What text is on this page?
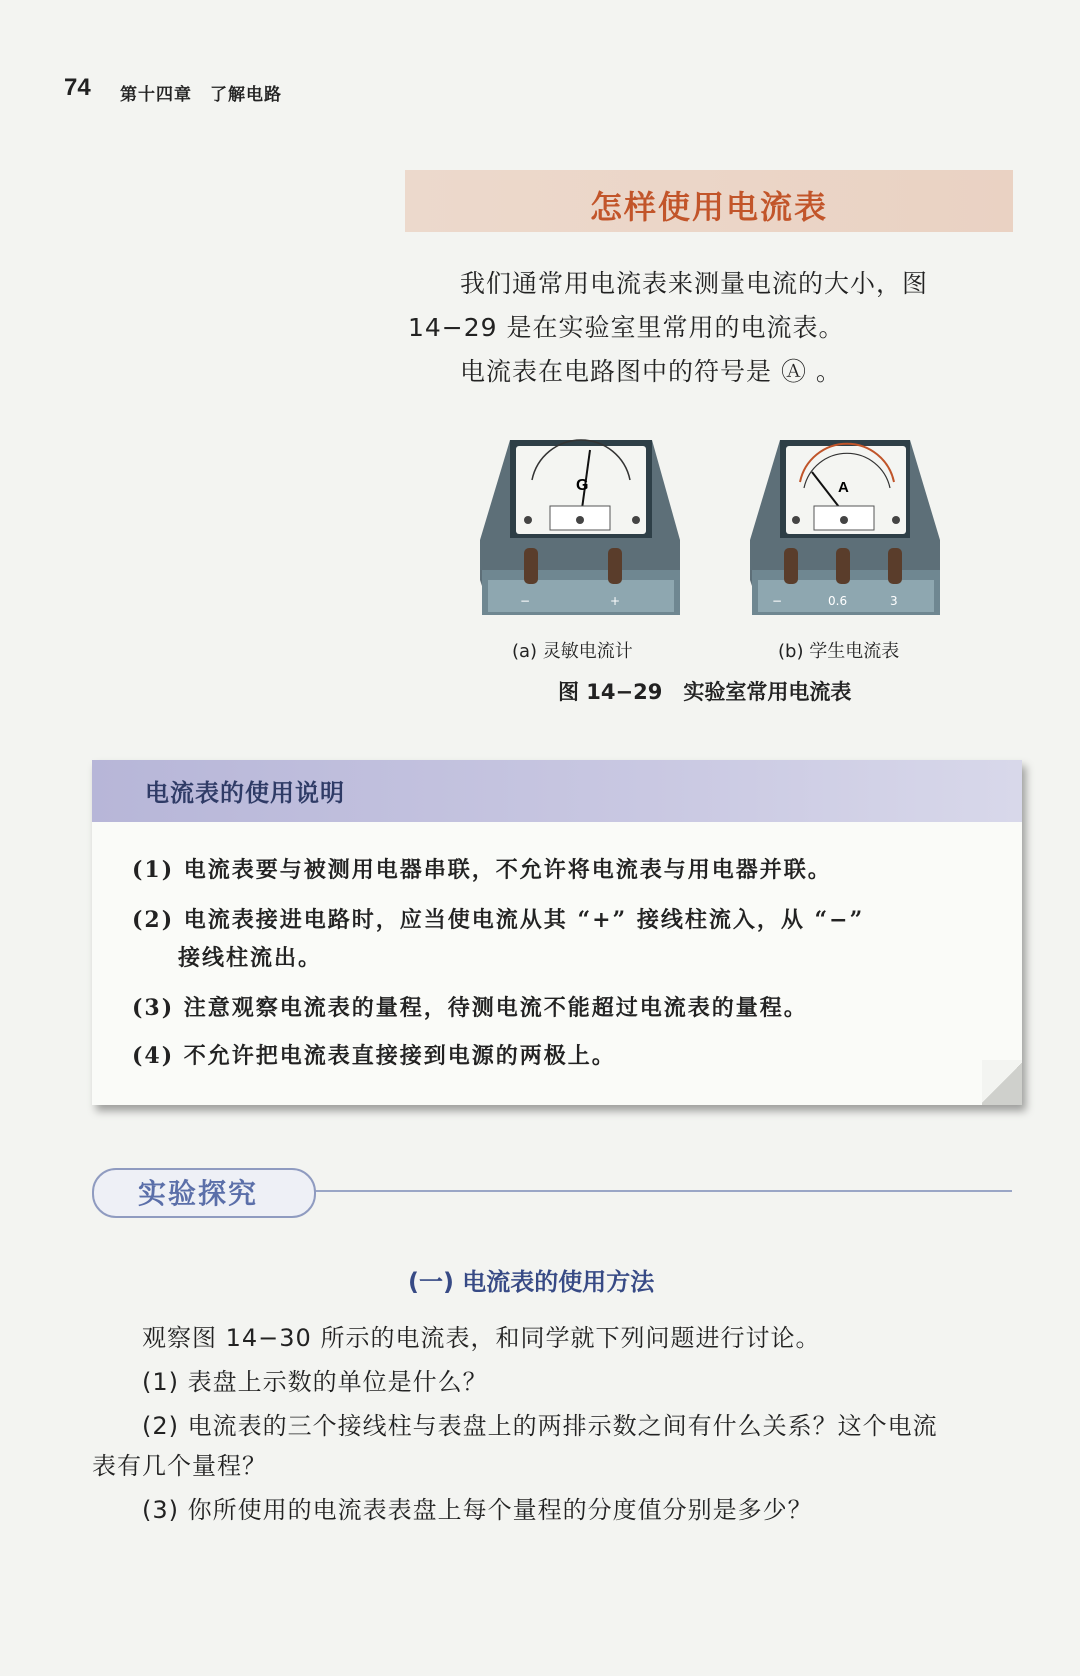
74 第十四章　了解电路
怎样使用电流表
我们通常用电流表来测量电流的大小，图
14−29 是在实验室里常用的电流表。
电流表在电路图中的符号是 Ⓐ 。
G
−	+
A
−	0.6	3
(a) 灵敏电流计	(b) 学生电流表
图 14−29　实验室常用电流表
电流表的使用说明
(1) 电流表要与被测用电器串联，不允许将电流表与用电器并联。
(2) 电流表接进电路时，应当使电流从其 “+” 接线柱流入，从 “−”
接线柱流出。
(3) 注意观察电流表的量程，待测电流不能超过电流表的量程。
(4) 不允许把电流表直接接到电源的两极上。
实验探究
(一) 电流表的使用方法
观察图 14−30 所示的电流表，和同学就下列问题进行讨论。
(1) 表盘上示数的单位是什么？
(2) 电流表的三个接线柱与表盘上的两排示数之间有什么关系？这个电流
表有几个量程？
(3) 你所使用的电流表表盘上每个量程的分度值分别是多少？
